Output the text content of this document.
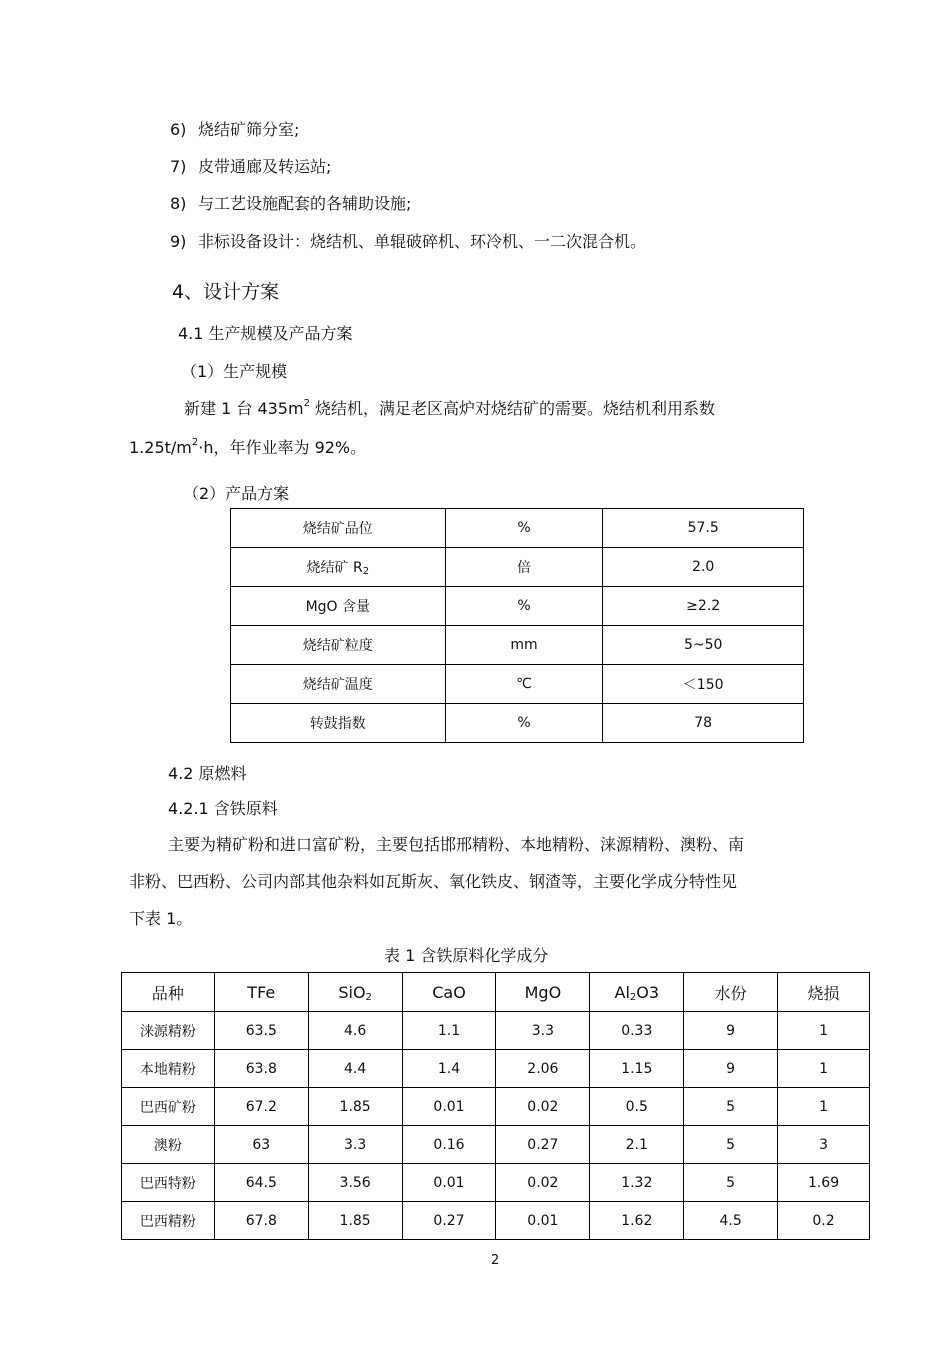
6) 烧结矿筛分室;
7) 皮带通廊及转运站;
8) 与工艺设施配套的各辅助设施;
9) 非标设备设计：烧结机、单辊破碎机、环冷机、一二次混合机。
4、设计方案
4.1 生产规模及产品方案
（1）生产规模
新建 1 台 $435m^2$ 烧结机，满足老区高炉对烧结矿的需要。烧结机利用系数
$1.25t/m^2\cdot h$，年作业率为 92%。
（2）产品方案
烧结矿品位	%	57.5
烧结矿 R2	倍	2.0
MgO 含量	%	≥2.2
烧结矿粒度	mm	5~50
烧结矿温度	℃	＜150
转鼓指数	%	78
4.2 原燃料
4.2.1 含铁原料
主要为精矿粉和进口富矿粉，主要包括邯邢精粉、本地精粉、涞源精粉、澳粉、南
非粉、巴西粉、公司内部其他杂料如瓦斯灰、氧化铁皮、钢渣等，主要化学成分特性见
下表 1。
表 1 含铁原料化学成分
品种	TFe	SiO2	CaO	MgO	Al2O3	水份	烧损
涞源精粉	63.5	4.6	1.1	3.3	0.33	9	1
本地精粉	63.8	4.4	1.4	2.06	1.15	9	1
巴西矿粉	67.2	1.85	0.01	0.02	0.5	5	1
澳粉	63	3.3	0.16	0.27	2.1	5	3
巴西特粉	64.5	3.56	0.01	0.02	1.32	5	1.69
巴西精粉	67.8	1.85	0.27	0.01	1.62	4.5	0.2
2
